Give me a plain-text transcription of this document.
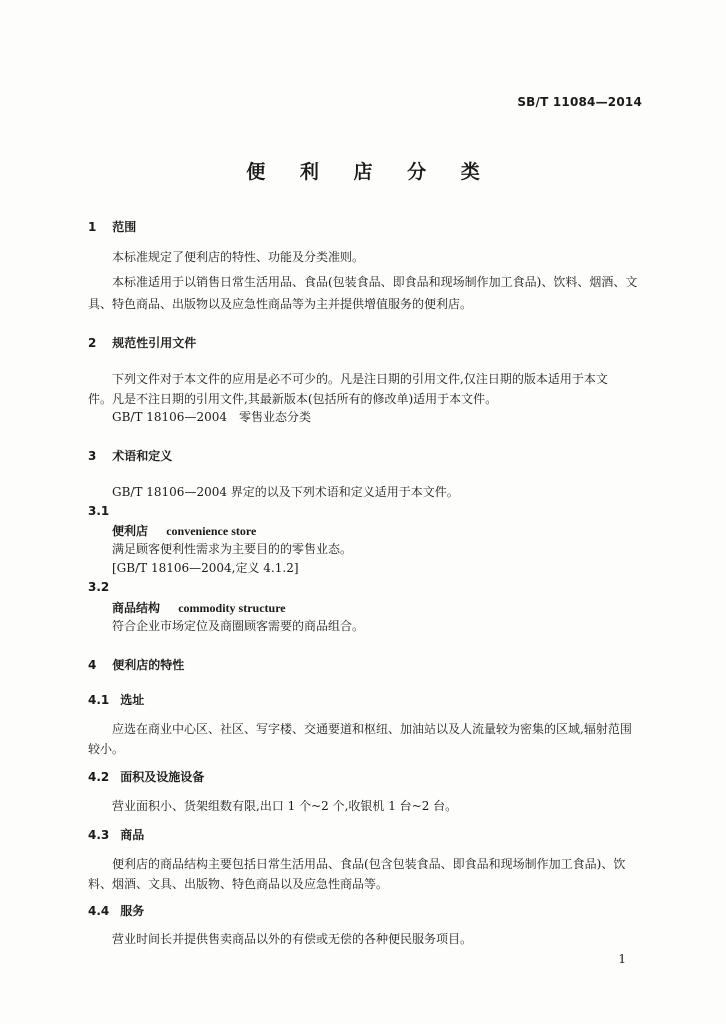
SB/T 11084—2014
便 利 店 分 类
1 范围
本标准规定了便利店的特性、功能及分类准则。
本标准适用于以销售日常生活用品、食品(包装食品、即食品和现场制作加工食品)、饮料、烟酒、文
具、特色商品、出版物以及应急性商品等为主并提供增值服务的便利店。
2 规范性引用文件
下列文件对于本文件的应用是必不可少的。凡是注日期的引用文件,仅注日期的版本适用于本文
件。凡是不注日期的引用文件,其最新版本(包括所有的修改单)适用于本文件。
GB/T 18106—2004　零售业态分类
3 术语和定义
GB/T 18106—2004 界定的以及下列术语和定义适用于本文件。
3.1
便利店 convenience store
满足顾客便利性需求为主要目的的零售业态。
[GB/T 18106—2004,定义 4.1.2]
3.2
商品结构 commodity structure
符合企业市场定位及商圈顾客需要的商品组合。
4 便利店的特性
4.1 选址
应选在商业中心区、社区、写字楼、交通要道和枢纽、加油站以及人流量较为密集的区域,辐射范围
较小。
4.2 面积及设施设备
营业面积小、货架组数有限,出口 1 个~2 个,收银机 1 台~2 台。
4.3 商品
便利店的商品结构主要包括日常生活用品、食品(包含包装食品、即食品和现场制作加工食品)、饮
料、烟酒、文具、出版物、特色商品以及应急性商品等。
4.4 服务
营业时间长并提供售卖商品以外的有偿或无偿的各种便民服务项目。
1
